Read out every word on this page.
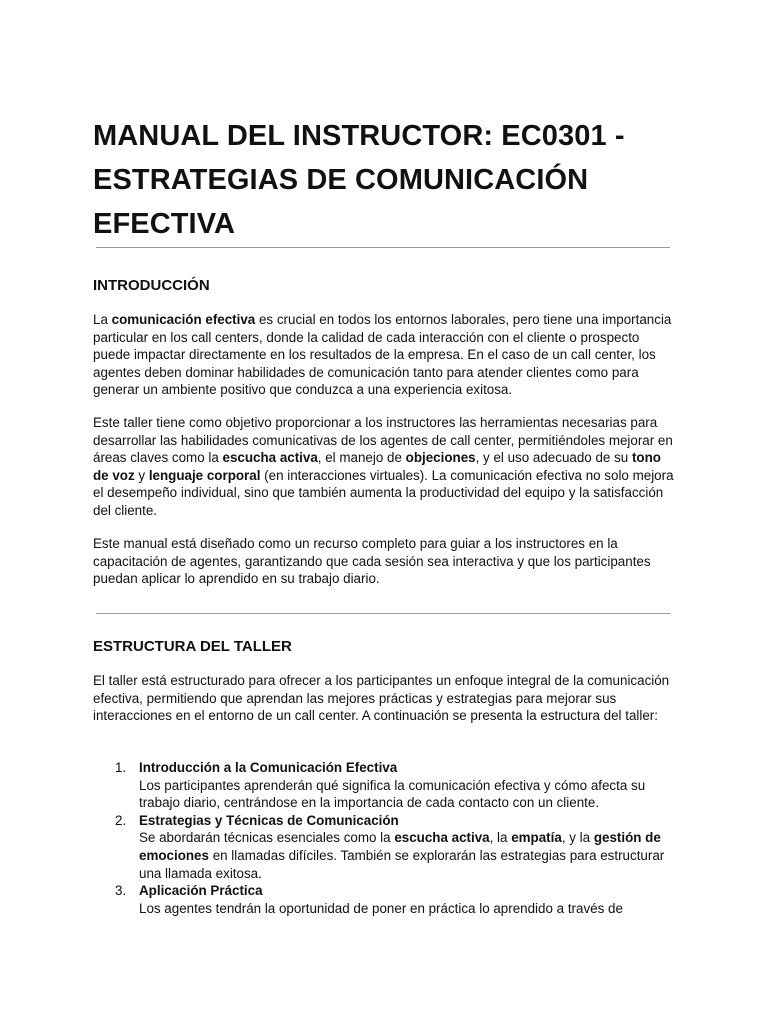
MANUAL DEL INSTRUCTOR: EC0301 - ESTRATEGIAS DE COMUNICACIÓN EFECTIVA
INTRODUCCIÓN

La comunicación efectiva es crucial en todos los entornos laborales, pero tiene una importancia particular en los call centers, donde la calidad de cada interacción con el cliente o prospecto puede impactar directamente en los resultados de la empresa. En el caso de un call center, los agentes deben dominar habilidades de comunicación tanto para atender clientes como para generar un ambiente positivo que conduzca a una experiencia exitosa.

Este taller tiene como objetivo proporcionar a los instructores las herramientas necesarias para desarrollar las habilidades comunicativas de los agentes de call center, permitiéndoles mejorar en áreas claves como la escucha activa, el manejo de objeciones, y el uso adecuado de su tono de voz y lenguaje corporal (en interacciones virtuales). La comunicación efectiva no solo mejora el desempeño individual, sino que también aumenta la productividad del equipo y la satisfacción del cliente.

Este manual está diseñado como un recurso completo para guiar a los instructores en la capacitación de agentes, garantizando que cada sesión sea interactiva y que los participantes puedan aplicar lo aprendido en su trabajo diario.

ESTRUCTURA DEL TALLER

El taller está estructurado para ofrecer a los participantes un enfoque integral de la comunicación efectiva, permitiendo que aprendan las mejores prácticas y estrategias para mejorar sus interacciones en el entorno de un call center. A continuación se presenta la estructura del taller:

1. Introducción a la Comunicación Efectiva
Los participantes aprenderán qué significa la comunicación efectiva y cómo afecta su trabajo diario, centrándose en la importancia de cada contacto con un cliente.
2. Estrategias y Técnicas de Comunicación
Se abordarán técnicas esenciales como la escucha activa, la empatía, y la gestión de emociones en llamadas difíciles. También se explorarán las estrategias para estructurar una llamada exitosa.
3. Aplicación Práctica
Los agentes tendrán la oportunidad de poner en práctica lo aprendido a través de
